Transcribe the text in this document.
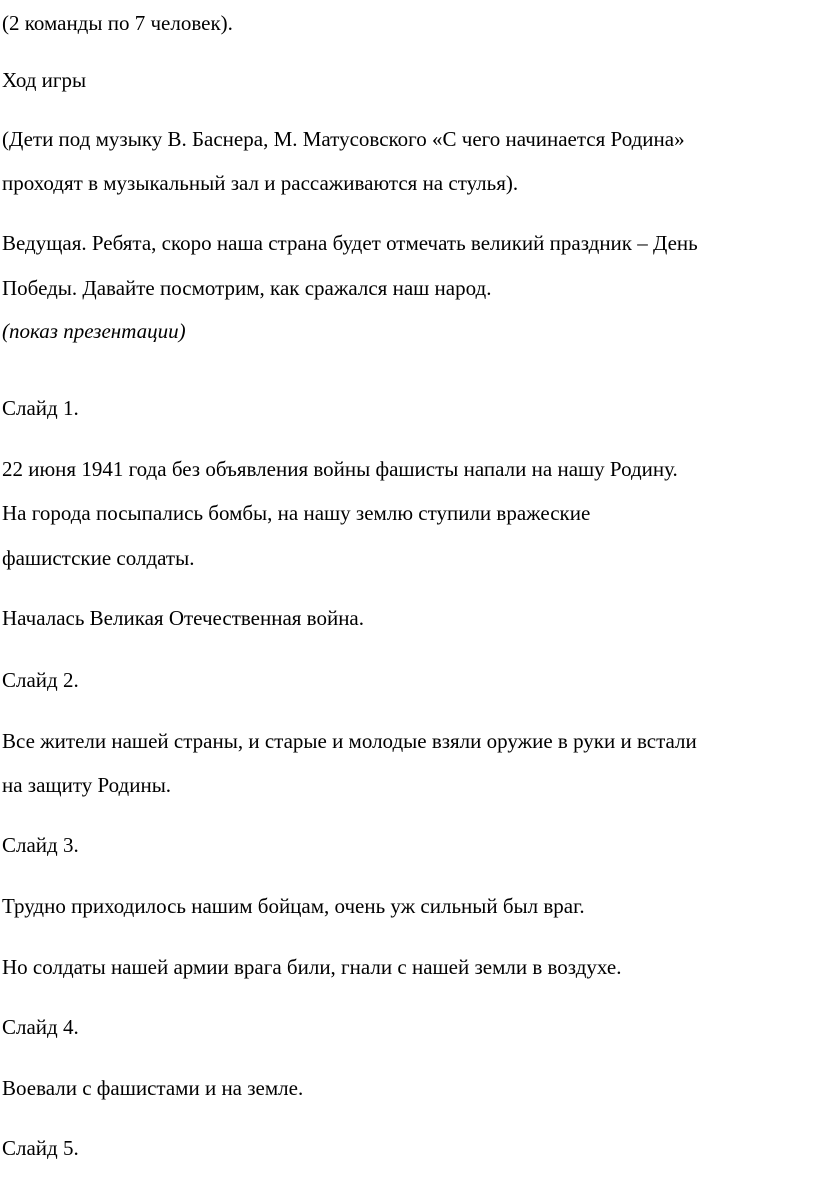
(2 команды по 7 человек).
Ход игры
(Дети под музыку В. Баснера, М. Матусовского «С чего начинается Родина»
проходят в музыкальный зал и рассаживаются на стулья).
Ведущая. Ребята, скоро наша страна будет отмечать великий праздник – День
Победы. Давайте посмотрим, как сражался наш народ.
(показ презентации)
Слайд 1.
22 июня 1941 года без объявления войны фашисты напали на нашу Родину.
На города посыпались бомбы, на нашу землю ступили вражеские
фашистские солдаты.
Началась Великая Отечественная война.
Слайд 2.
Все жители нашей страны, и старые и молодые взяли оружие в руки и встали
на защиту Родины.
Слайд 3.
Трудно приходилось нашим бойцам, очень уж сильный был враг.
Но солдаты нашей армии врага били, гнали с нашей земли в воздухе.
Слайд 4.
Воевали с фашистами и на земле.
Слайд 5.
